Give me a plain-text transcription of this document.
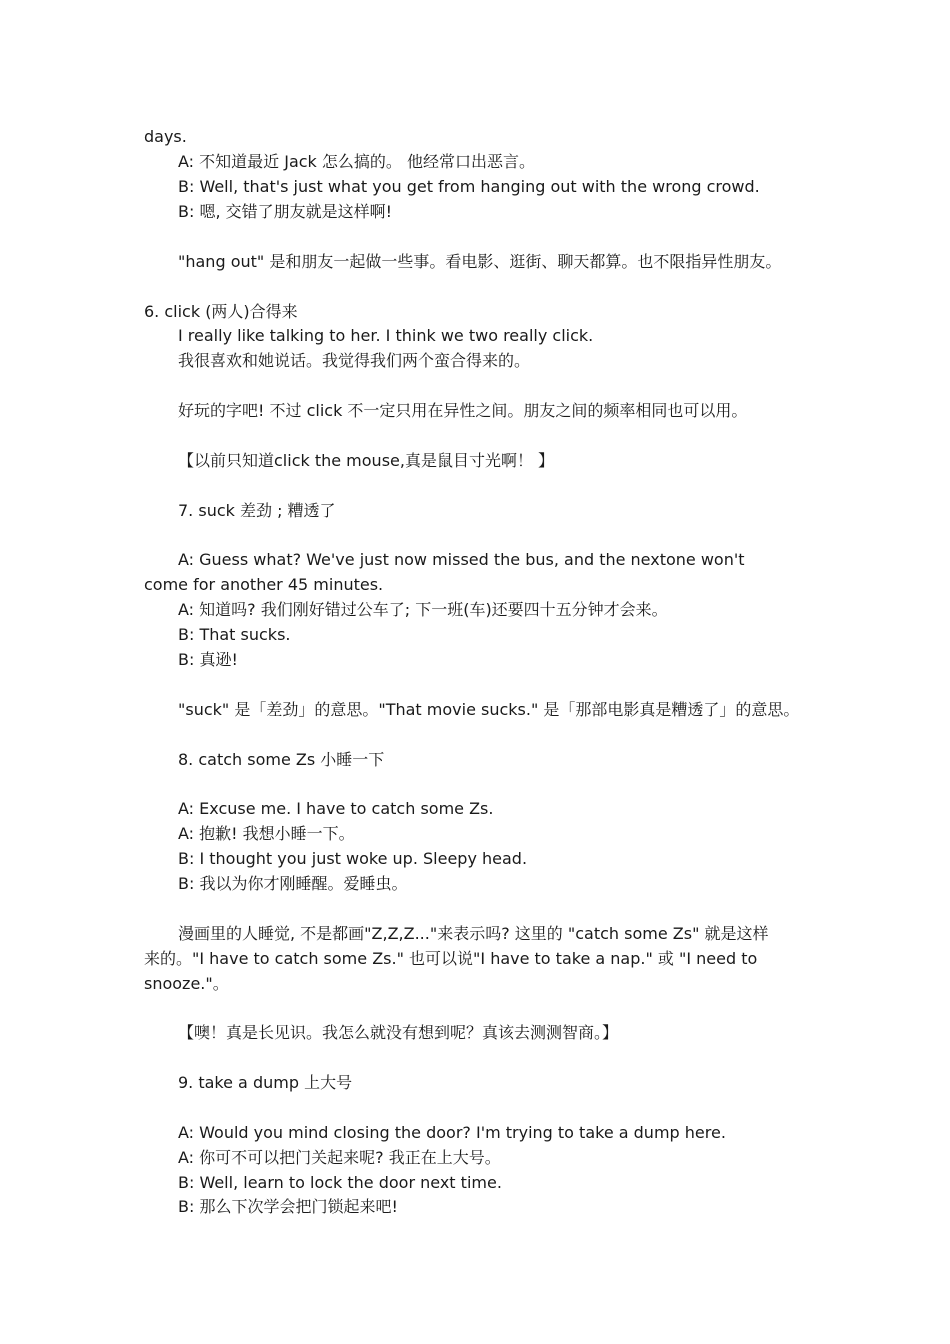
days.
A: 不知道最近 Jack 怎么搞的。 他经常口出恶言。
B: Well, that's just what you get from hanging out with the wrong crowd.
B: 嗯, 交错了朋友就是这样啊!
"hang out" 是和朋友一起做一些事。看电影、逛街、聊天都算。也不限指异性朋友。
6. click (两人)合得来
I really like talking to her. I think we two really click.
我很喜欢和她说话。我觉得我们两个蛮合得来的。
好玩的字吧! 不过 click 不一定只用在异性之间。朋友之间的频率相同也可以用。
【以前只知道click the mouse,真是鼠目寸光啊！ 】
7. suck 差劲 ; 糟透了
A: Guess what? We've just now missed the bus, and the nextone won't
come for another 45 minutes.
A: 知道吗? 我们刚好错过公车了; 下一班(车)还要四十五分钟才会来。
B: That sucks.
B: 真逊!
"suck" 是「差劲」的意思。"That movie sucks." 是「那部电影真是糟透了」的意思。
8. catch some Zs 小睡一下
A: Excuse me. I have to catch some Zs.
A: 抱歉! 我想小睡一下。
B: I thought you just woke up. Sleepy head.
B: 我以为你才刚睡醒。爱睡虫。
漫画里的人睡觉, 不是都画"Z,Z,Z..."来表示吗? 这里的 "catch some Zs" 就是这样
来的。"I have to catch some Zs." 也可以说"I have to take a nap." 或 "I need to
snooze."。
【噢！真是长见识。我怎么就没有想到呢？真该去测测智商。】
9. take a dump 上大号
A: Would you mind closing the door? I'm trying to take a dump here.
A: 你可不可以把门关起来呢? 我正在上大号。
B: Well, learn to lock the door next time.
B: 那么下次学会把门锁起来吧!
